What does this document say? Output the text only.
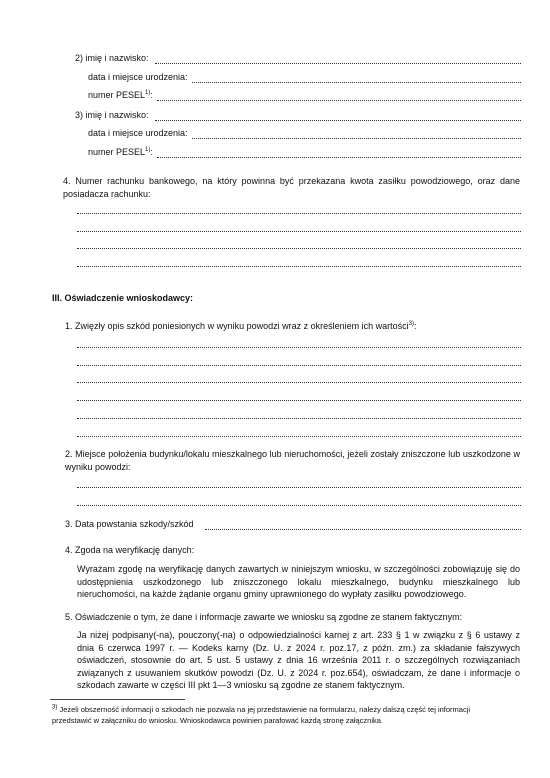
2) imię i nazwisko:
data i miejsce urodzenia:
numer PESEL$^{1)}$:
3) imię i nazwisko:
data i miejsce urodzenia:
numer PESEL$^{1)}$:
4. Numer rachunku bankowego, na który powinna być przekazana kwota zasiłku powodziowego, oraz dane posiadacza rachunku:
III. Oświadczenie wnioskodawcy:
1. Zwięzły opis szkód poniesionych w wyniku powodzi wraz z określeniem ich wartości$^{3)}$:
2. Miejsce położenia budynku/lokalu mieszkalnego lub nieruchomości, jeżeli zostały zniszczone lub uszkodzone w wyniku powodzi:
3. Data powstania szkody/szkód
4. Zgoda na weryfikację danych:
Wyrażam zgodę na weryfikację danych zawartych w niniejszym wniosku, w szczególności zobowiązuję się do udostępnienia uszkodzonego lub zniszczonego lokalu mieszkalnego, budynku mieszkalnego lub nieruchomości, na każde żądanie organu gminy uprawnionego do wypłaty zasiłku powodziowego.
5. Oświadczenie o tym, że dane i informacje zawarte we wniosku są zgodne ze stanem faktycznym:
Ja niżej podpisany(-na), pouczony(-na) o odpowiedzialności karnej z art. 233 § 1 w związku z § 6 ustawy z dnia 6 czerwca 1997 r. — Kodeks karny (Dz. U. z 2024 r. poz.17, z późn. zm.) za składanie fałszywych oświadczeń, stosownie do art. 5 ust. 5 ustawy z dnia 16 września 2011 r. o szczególnych rozwiązaniach związanych z usuwaniem skutków powodzi (Dz. U. z 2024 r. poz.654), oświadczam, że dane i informacje o szkodach zawarte w części III pkt 1—3 wniosku są zgodne ze stanem faktycznym.
$^{3)}$ Jeżeli obszerność informacji o szkodach nie pozwala na jej przedstawienie na formularzu, należy dalszą część tej informacji przedstawić w załączniku do wniosku. Wnioskodawca powinien parafować każdą stronę załącznika.
